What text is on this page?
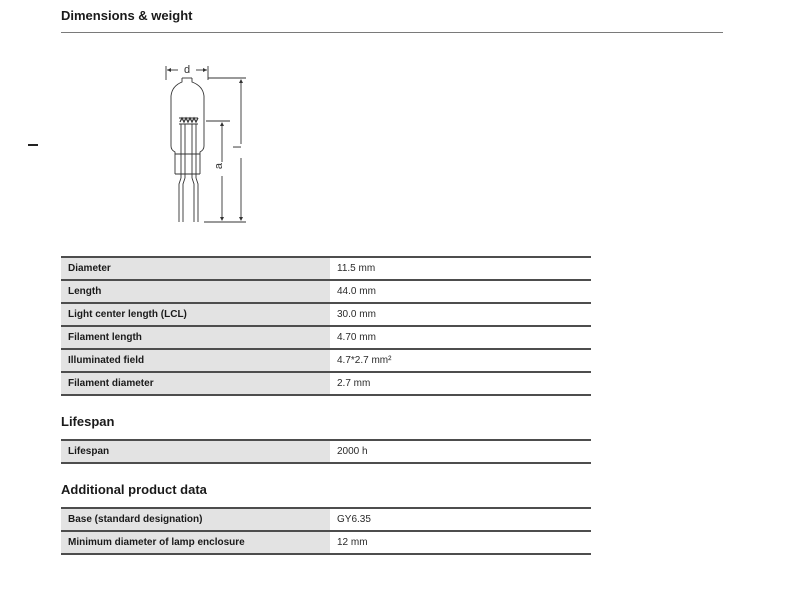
Dimensions & weight
d
a
l
Diameter	11.5 mm
Length	44.0 mm
Light center length (LCL)	30.0 mm
Filament length	4.70 mm
Illuminated field	4.7*2.7 mm²
Filament diameter	2.7 mm
Lifespan
Lifespan	2000 h
Additional product data
Base (standard designation)	GY6.35
Minimum diameter of lamp enclosure	12 mm
